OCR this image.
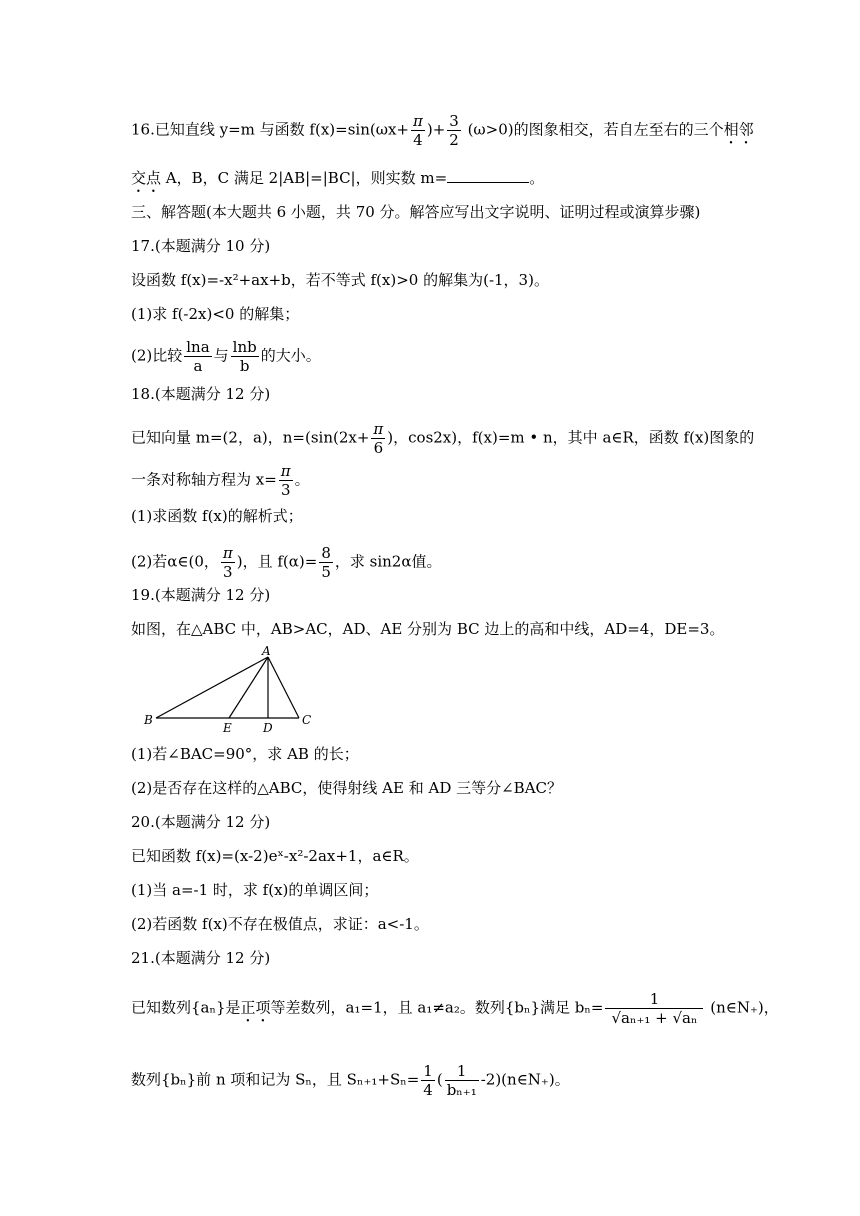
16.已知直线 y=m 与函数 $f(x)=\sin(\omega x+ \frac{\pi}{4}$ )+ $\frac{3}{2} (\omega>0)$的图象相交，若自左至右的三个相邻
交点 A，B，C 满足 2|AB|=|BC|，则实数 m=	。
三、解答题(本大题共 6 小题，共 70 分。解答应写出文字说明、证明过程或演算步骤)
17.(本题满分 10 分)
设函数 f(x)=-x²+ax+b，若不等式 f(x)>0 的解集为(-1，3)。
(1)求 f(-2x)<0 的解集；
(2)比较 $\frac{\ln a}{a}$ 与 $\frac{\ln b}{b}$ 的大小。
18.(本题满分 12 分)
已知向量 m=(2，a)，$n=(\sin(2x+ \frac{\pi}{6}$ )，cos2x)，f(x)=m • n，其中 a∈R，函数 f(x)图象的
一条对称轴方程为 $x= \frac{\pi}{3}$ 。
(1)求函数 f(x)的解析式；
(2)若α∈(0， $\frac{\pi}{3}$ )，且 $f(\alpha)= \frac{8}{5}$ ，求 sin2α值。
19.(本题满分 12 分)
如图，在△ABC 中，AB>AC，AD、AE 分别为 BC 边上的高和中线，AD=4，DE=3。
A
B	C
D
E
(1)若∠BAC=90°，求 AB 的长；
(2)是否存在这样的△ABC，使得射线 AE 和 AD 三等分∠BAC？
20.(本题满分 12 分)
已知函数 f(x)=(x-2)eˣ-x²-2ax+1，a∈R。
(1)当 a=-1 时，求 f(x)的单调区间；
(2)若函数 f(x)不存在极值点，求证：a<-1。
21.(本题满分 12 分)
已知数列{aₙ}是正项等差数列，a₁=1，且 a₁≠a₂。数列{bₙ}满足 $b_n= \frac{1}{\text{√aₙ₊₁ + √aₙ}}$ (n∈N₊)，
数列{bₙ}前 n 项和记为 Sₙ，且 $S_{n+1}+S_n= \frac{1}{4}$ ( $\frac{1}{\text{bₙ₊₁}}$ -2)(n∈N₊)。
